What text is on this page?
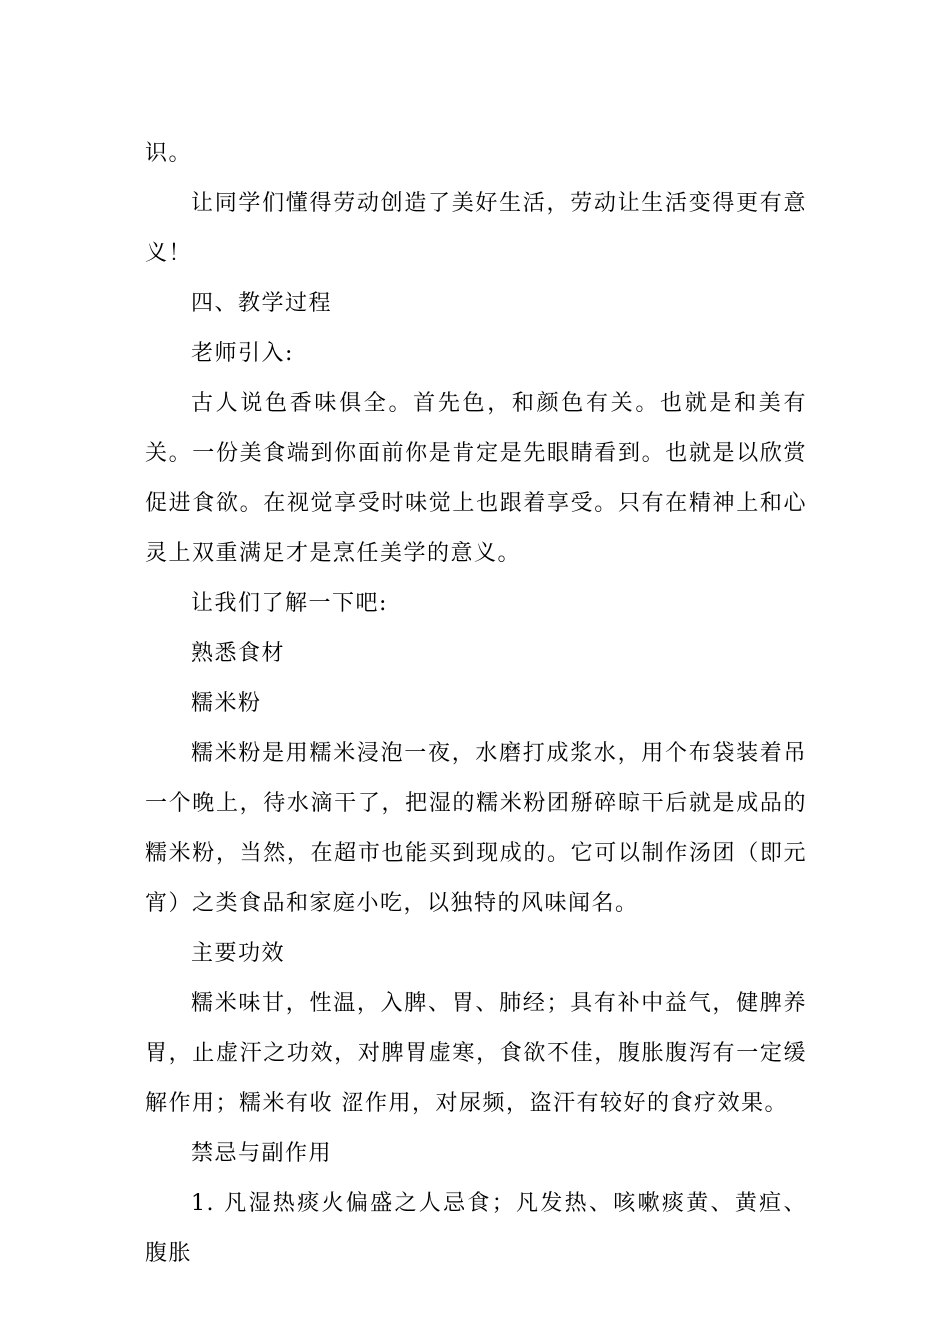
识。

让同学们懂得劳动创造了美好生活，劳动让生活变得更有意义！

四、教学过程

老师引入:

古人说色香味俱全。首先色，和颜色有关。也就是和美有关。一份美食端到你面前你是肯定是先眼睛看到。也就是以欣赏促进食欲。在视觉享受时味觉上也跟着享受。只有在精神上和心灵上双重满足才是烹任美学的意义。

让我们了解一下吧:

熟悉食材

糯米粉

糯米粉是用糯米浸泡一夜，水磨打成浆水，用个布袋装着吊一个晚上，待水滴干了，把湿的糯米粉团掰碎晾干后就是成品的糯米粉，当然，在超市也能买到现成的。它可以制作汤团（即元宵）之类食品和家庭小吃，以独特的风味闻名。

主要功效

糯米味甘，性温，入脾、胃、肺经；具有补中益气，健脾养胃，止虚汗之功效，对脾胃虚寒，食欲不佳，腹胀腹泻有一定缓解作用；糯米有收 涩作用，对尿频，盗汗有较好的食疗效果。

禁忌与副作用

1. 凡湿热痰火偏盛之人忌食；凡发热、咳嗽痰黄、黄疸、腹胀
